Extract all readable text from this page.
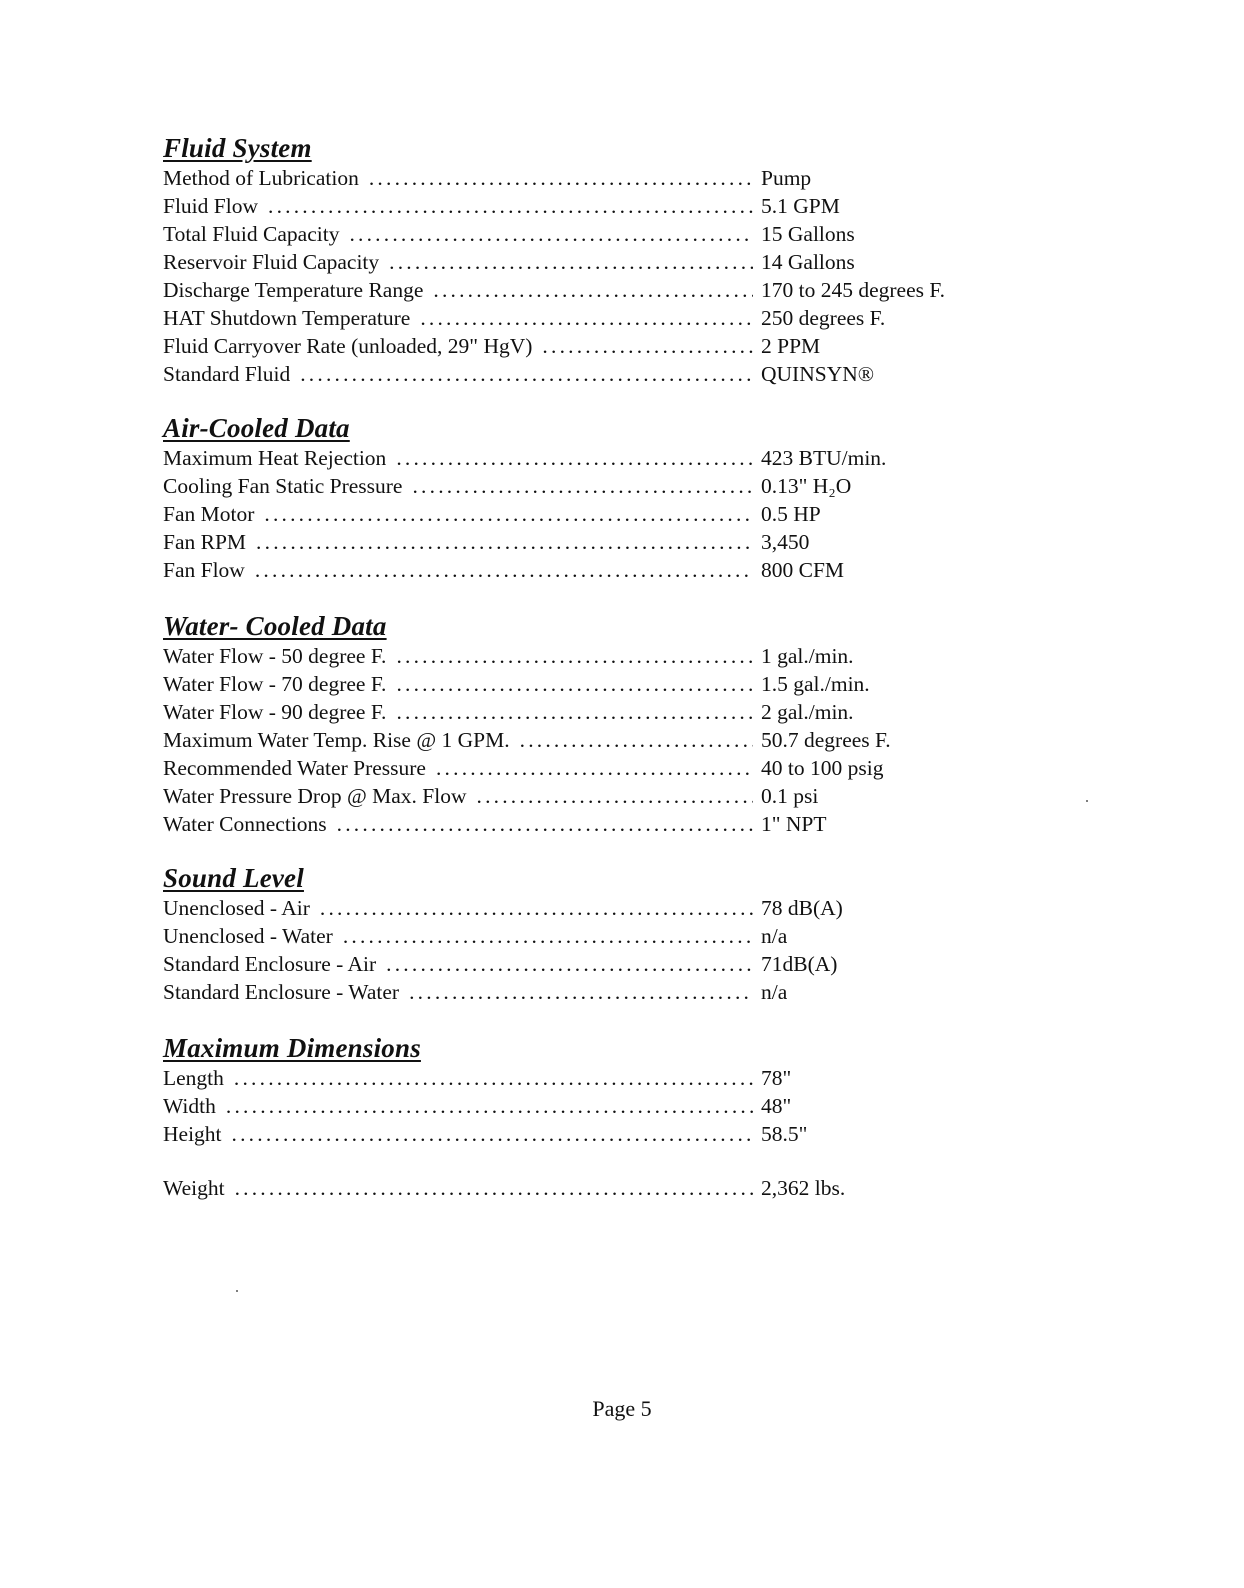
Fluid System
Method of Lubrication .....	Pump
Fluid Flow .....	5.1 GPM
Total Fluid Capacity .....	15 Gallons
Reservoir Fluid Capacity .....	14 Gallons
Discharge Temperature Range .....	170 to 245 degrees F.
HAT Shutdown Temperature .....	250 degrees F.
Fluid Carryover Rate (unloaded, 29" HgV) .....	2 PPM
Standard Fluid .....	QUINSYN®
Air-Cooled Data
Maximum Heat Rejection .....	423 BTU/min.
Cooling Fan Static Pressure .....	0.13" H₂O
Fan Motor .....	0.5 HP
Fan RPM .....	3,450
Fan Flow .....	800 CFM
Water- Cooled Data
Water Flow - 50 degree F. .....	1 gal./min.
Water Flow - 70 degree F. .....	1.5 gal./min.
Water Flow - 90 degree F. .....	2 gal./min.
Maximum Water Temp. Rise @ 1 GPM. .....	50.7 degrees F.
Recommended Water Pressure .....	40 to 100 psig
Water Pressure Drop @ Max. Flow .....	0.1 psi
Water Connections .....	1" NPT
Sound Level
Unenclosed - Air .....	78 dB(A)
Unenclosed - Water .....	n/a
Standard Enclosure - Air .....	71dB(A)
Standard Enclosure - Water .....	n/a
Maximum Dimensions
Length .....	78"
Width .....	48"
Height .....	58.5"
Weight .....	2,362 lbs.
Page 5
